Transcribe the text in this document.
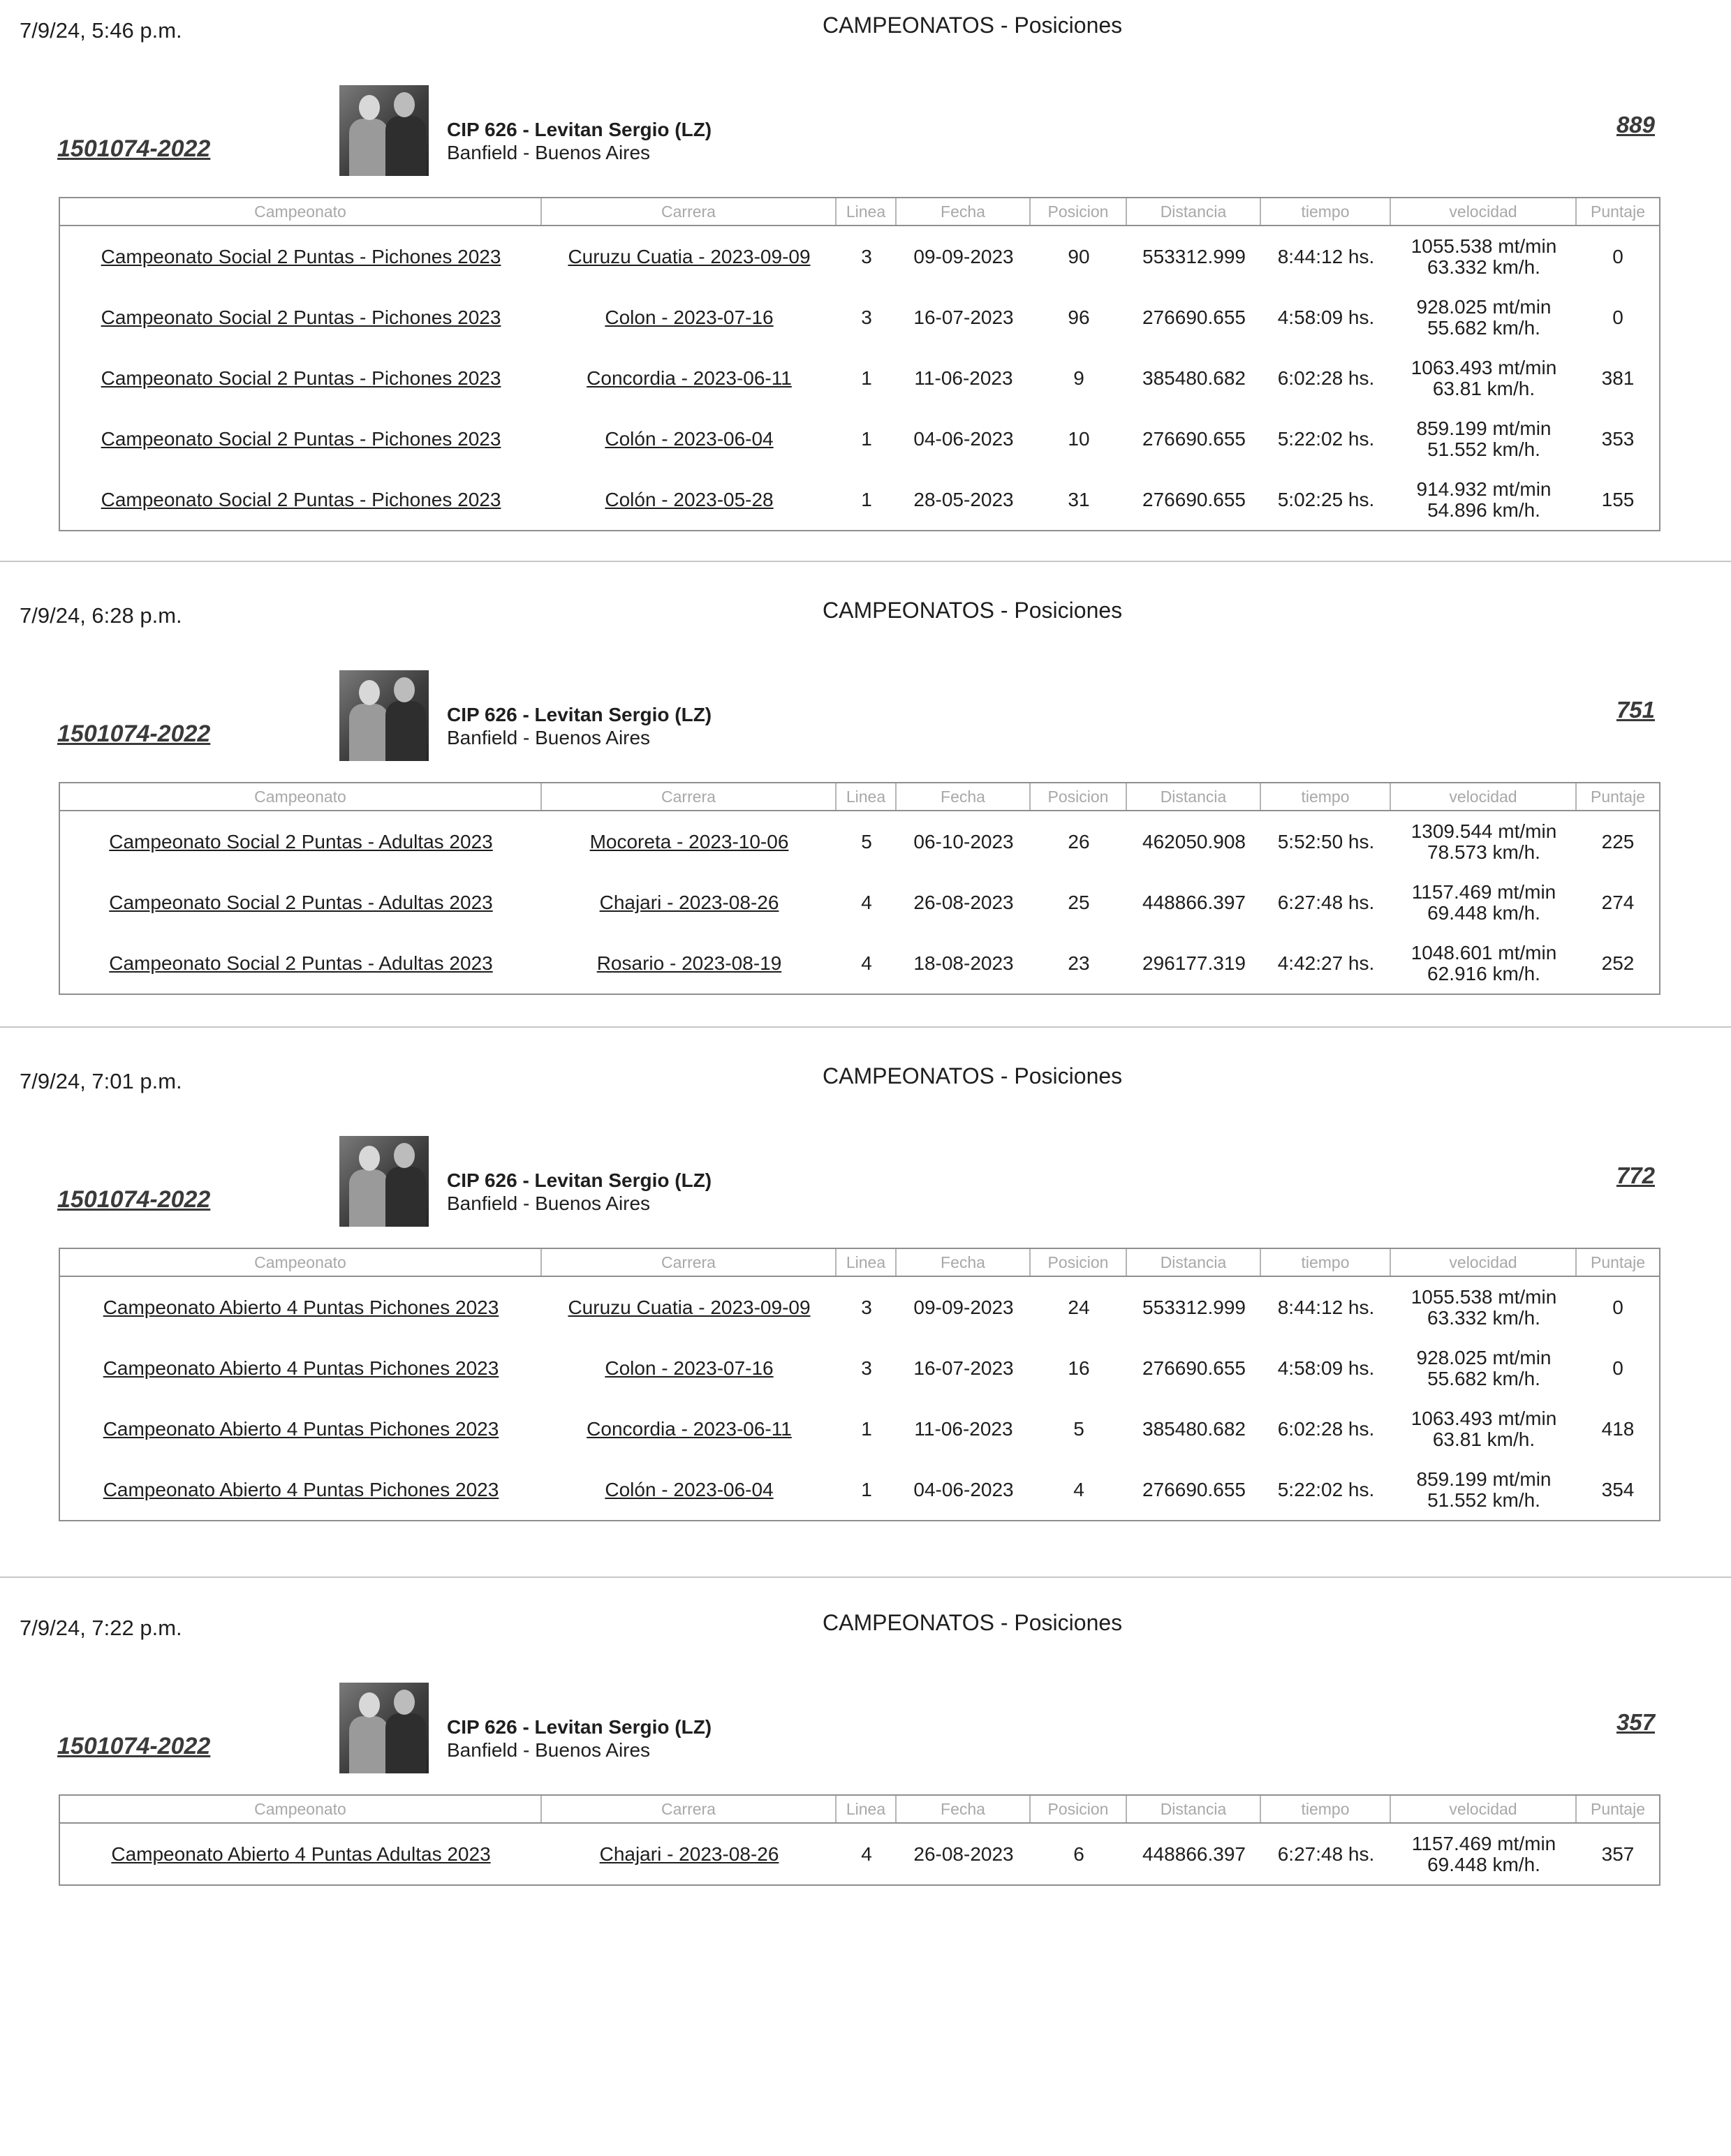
7/9/24, 5:46 p.m.	CAMPEONATOS - Posiciones
1501074-2022
CIP 626 - Levitan Sergio (LZ)
Banfield - Buenos Aires
889
Campeonato	Carrera	Linea	Fecha	Posicion	Distancia	tiempo	velocidad	Puntaje
Campeonato Social 2 Puntas - Pichones 2023	Curuzu Cuatia - 2023-09-09	3 09-09-2023	90	553312.999 8:44:12 hs. 1055.538 mt/min
63.332 km/h.	0
Campeonato Social 2 Puntas - Pichones 2023	Colon - 2023-07-16	3 16-07-2023	96	276690.655 4:58:09 hs. 928.025 mt/min
55.682 km/h.	0
Campeonato Social 2 Puntas - Pichones 2023	Concordia - 2023-06-11	1 11-06-2023	9	385480.682 6:02:28 hs. 1063.493 mt/min
63.81 km/h.	381
Campeonato Social 2 Puntas - Pichones 2023	Colón - 2023-06-04	1 04-06-2023	10	276690.655 5:22:02 hs. 859.199 mt/min
51.552 km/h.	353
Campeonato Social 2 Puntas - Pichones 2023	Colón - 2023-05-28	1 28-05-2023	31	276690.655 5:02:25 hs. 914.932 mt/min
54.896 km/h.	155
7/9/24, 6:28 p.m.	CAMPEONATOS - Posiciones
1501074-2022
CIP 626 - Levitan Sergio (LZ)
Banfield - Buenos Aires
751
Campeonato	Carrera	Linea	Fecha	Posicion	Distancia	tiempo	velocidad	Puntaje
Campeonato Social 2 Puntas - Adultas 2023	Mocoreta - 2023-10-06	5 06-10-2023	26	462050.908 5:52:50 hs. 1309.544 mt/min
78.573 km/h.	225
Campeonato Social 2 Puntas - Adultas 2023	Chajari - 2023-08-26	4 26-08-2023	25	448866.397 6:27:48 hs. 1157.469 mt/min
69.448 km/h.	274
Campeonato Social 2 Puntas - Adultas 2023	Rosario - 2023-08-19	4 18-08-2023	23	296177.319 4:42:27 hs. 1048.601 mt/min
62.916 km/h.	252
7/9/24, 7:01 p.m.	CAMPEONATOS - Posiciones
1501074-2022
CIP 626 - Levitan Sergio (LZ)
Banfield - Buenos Aires
772
Campeonato	Carrera	Linea	Fecha	Posicion	Distancia	tiempo	velocidad	Puntaje
Campeonato Abierto 4 Puntas Pichones 2023	Curuzu Cuatia - 2023-09-09	3 09-09-2023	24	553312.999 8:44:12 hs. 1055.538 mt/min
63.332 km/h.	0
Campeonato Abierto 4 Puntas Pichones 2023	Colon - 2023-07-16	3 16-07-2023	16	276690.655 4:58:09 hs. 928.025 mt/min
55.682 km/h.	0
Campeonato Abierto 4 Puntas Pichones 2023	Concordia - 2023-06-11	1 11-06-2023	5	385480.682 6:02:28 hs. 1063.493 mt/min
63.81 km/h.	418
Campeonato Abierto 4 Puntas Pichones 2023	Colón - 2023-06-04	1 04-06-2023	4	276690.655 5:22:02 hs. 859.199 mt/min
51.552 km/h.	354
7/9/24, 7:22 p.m.	CAMPEONATOS - Posiciones
1501074-2022
CIP 626 - Levitan Sergio (LZ)
Banfield - Buenos Aires
357
Campeonato	Carrera	Linea	Fecha	Posicion	Distancia	tiempo	velocidad	Puntaje
Campeonato Abierto 4 Puntas Adultas 2023	Chajari - 2023-08-26	4 26-08-2023	6	448866.397 6:27:48 hs. 1157.469 mt/min
69.448 km/h.	357
